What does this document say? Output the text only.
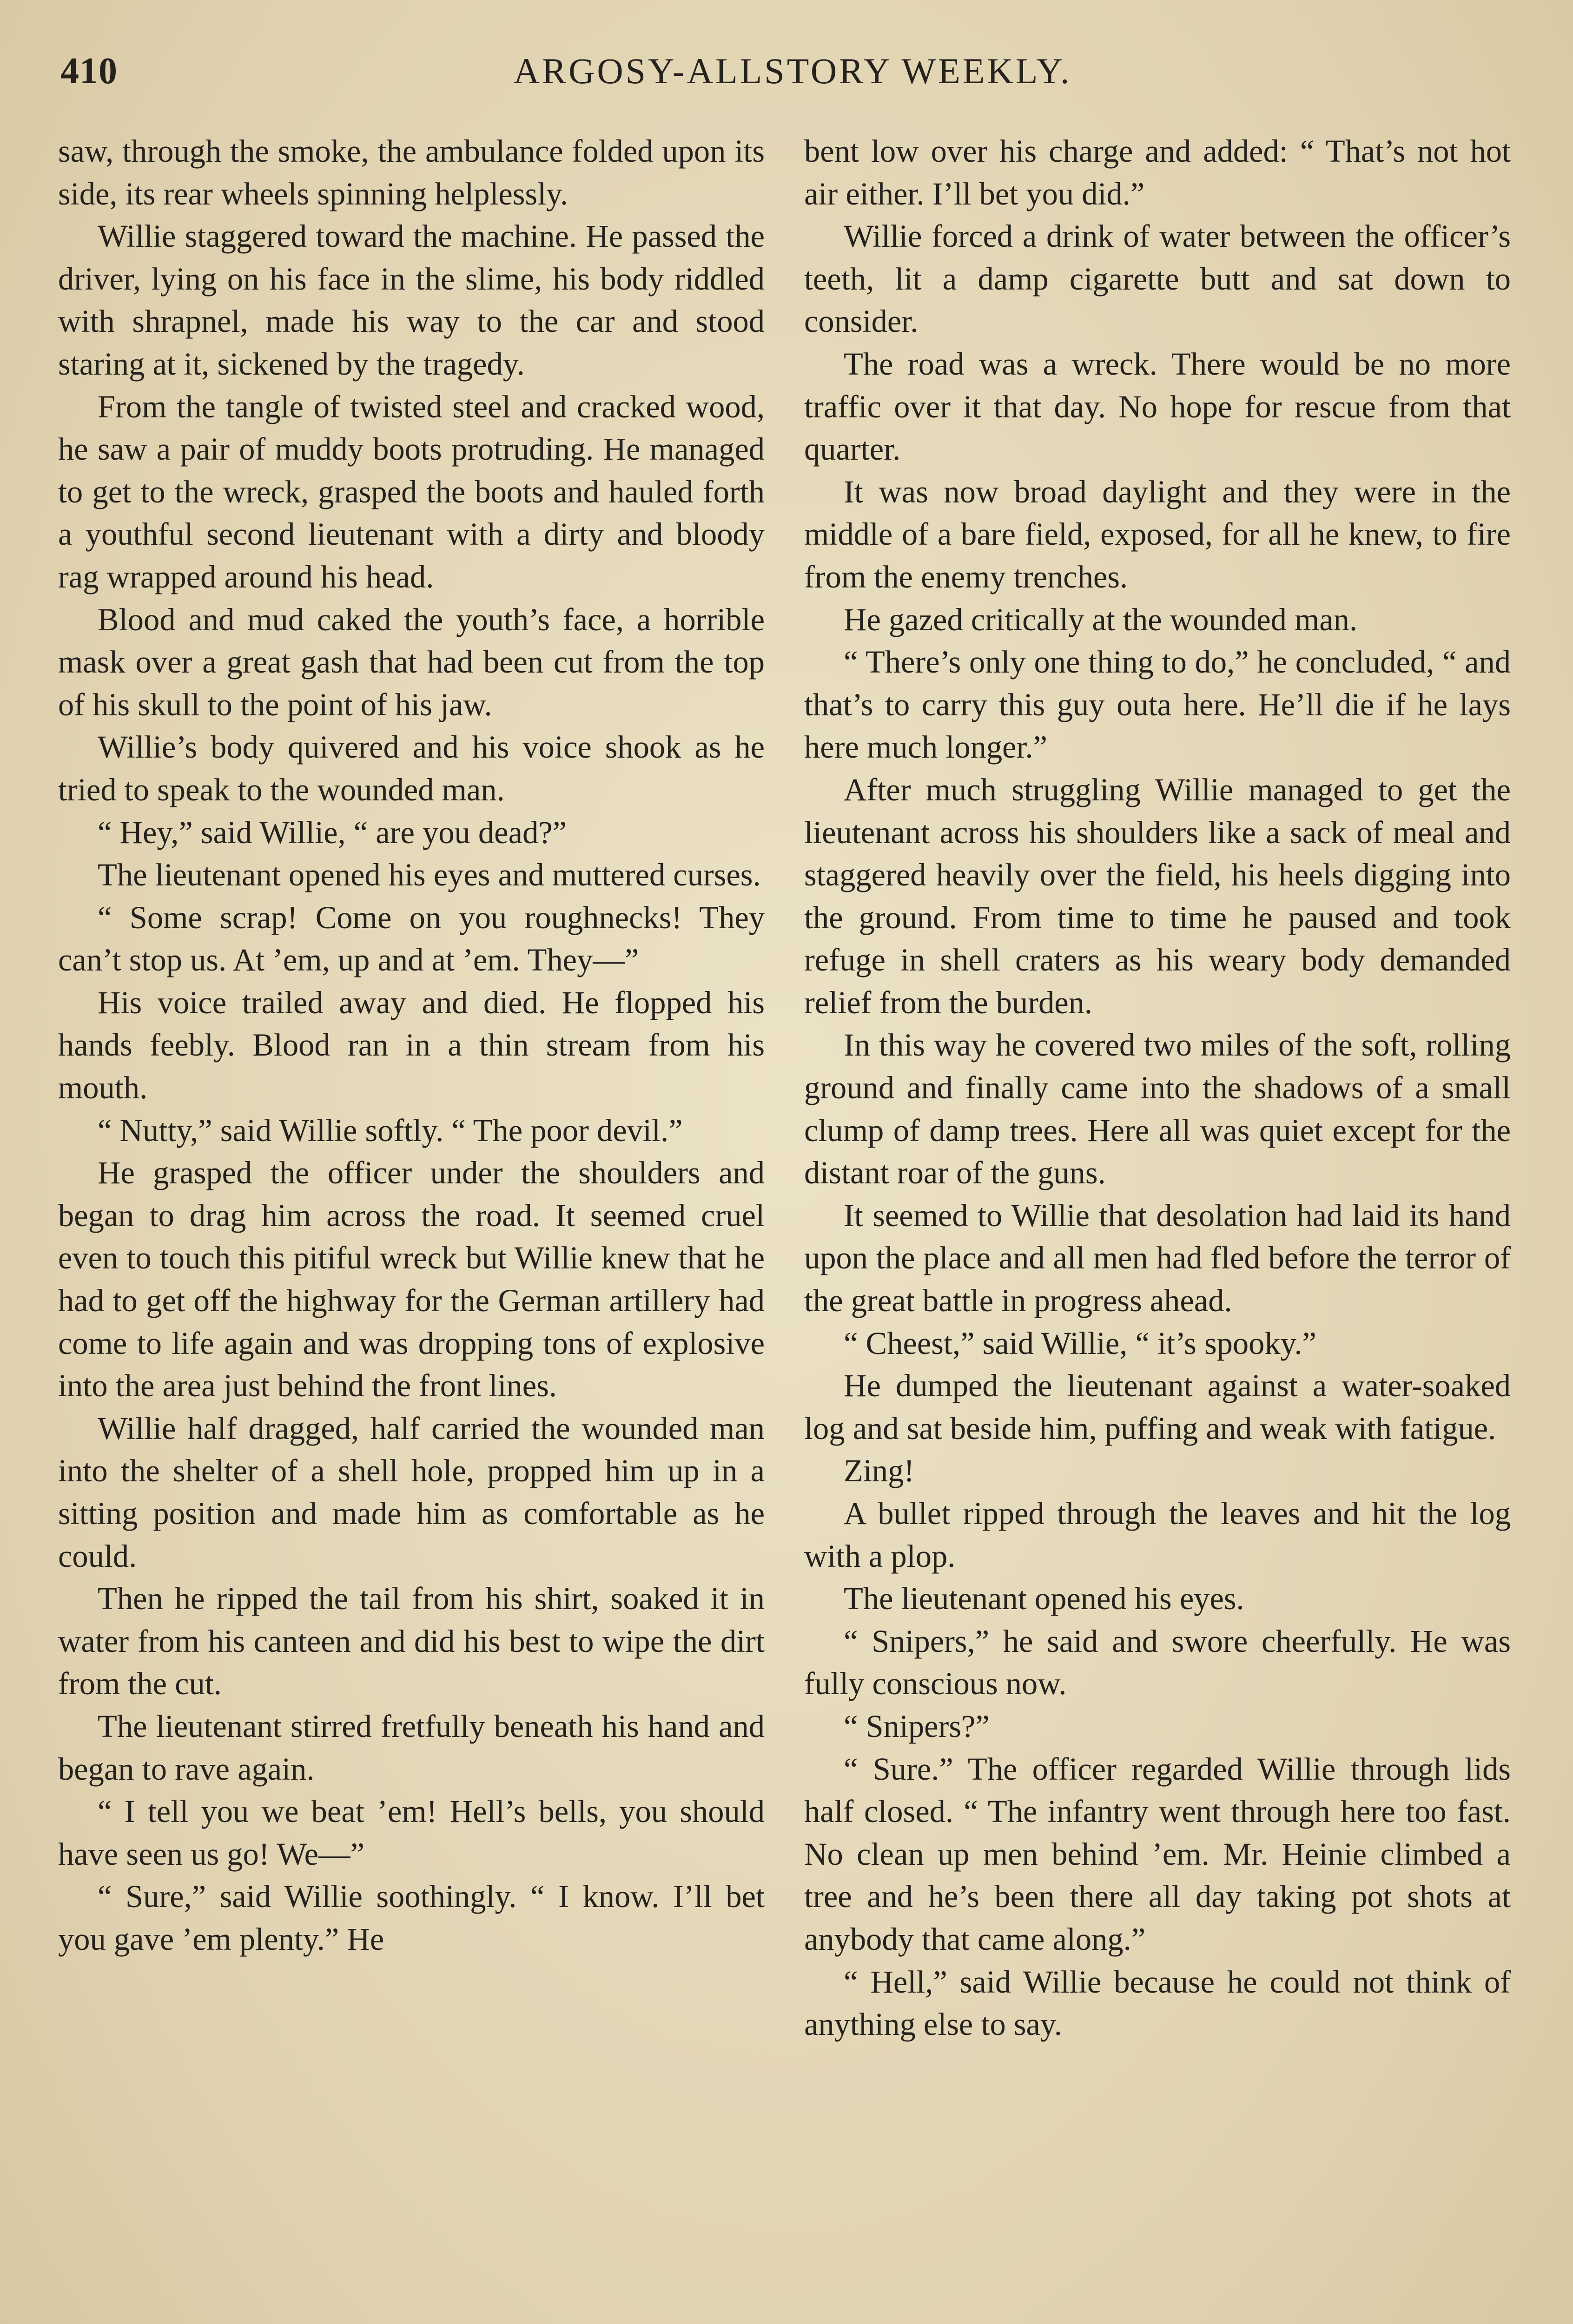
410	ARGOSY-ALLSTORY WEEKLY.

saw, through the smoke, the ambulance folded upon its side, its rear wheels spinning helplessly.

Willie staggered toward the machine. He passed the driver, lying on his face in the slime, his body riddled with shrapnel, made his way to the car and stood staring at it, sickened by the tragedy.

From the tangle of twisted steel and cracked wood, he saw a pair of muddy boots protruding. He managed to get to the wreck, grasped the boots and hauled forth a youthful second lieutenant with a dirty and bloody rag wrapped around his head.

Blood and mud caked the youth’s face, a horrible mask over a great gash that had been cut from the top of his skull to the point of his jaw.

Willie’s body quivered and his voice shook as he tried to speak to the wounded man.

“ Hey,” said Willie, “ are you dead?”

The lieutenant opened his eyes and muttered curses.

“ Some scrap! Come on you roughnecks! They can’t stop us. At ’em, up and at ’em. They—”

His voice trailed away and died. He flopped his hands feebly. Blood ran in a thin stream from his mouth.

“ Nutty,” said Willie softly. “ The poor devil.”

He grasped the officer under the shoulders and began to drag him across the road. It seemed cruel even to touch this pitiful wreck but Willie knew that he had to get off the highway for the German artillery had come to life again and was dropping tons of explosive into the area just behind the front lines.

Willie half dragged, half carried the wounded man into the shelter of a shell hole, propped him up in a sitting position and made him as comfortable as he could.

Then he ripped the tail from his shirt, soaked it in water from his canteen and did his best to wipe the dirt from the cut.

The lieutenant stirred fretfully beneath his hand and began to rave again.

“ I tell you we beat ’em! Hell’s bells, you should have seen us go! We—”

“ Sure,” said Willie soothingly. “ I know. I’ll bet you gave ’em plenty.” He

bent low over his charge and added: “ That’s not hot air either. I’ll bet you did.”

Willie forced a drink of water between the officer’s teeth, lit a damp cigarette butt and sat down to consider.

The road was a wreck. There would be no more traffic over it that day. No hope for rescue from that quarter.

It was now broad daylight and they were in the middle of a bare field, exposed, for all he knew, to fire from the enemy trenches.

He gazed critically at the wounded man.

“ There’s only one thing to do,” he concluded, “ and that’s to carry this guy outa here. He’ll die if he lays here much longer.”

After much struggling Willie managed to get the lieutenant across his shoulders like a sack of meal and staggered heavily over the field, his heels digging into the ground. From time to time he paused and took refuge in shell craters as his weary body demanded relief from the burden.

In this way he covered two miles of the soft, rolling ground and finally came into the shadows of a small clump of damp trees. Here all was quiet except for the distant roar of the guns.

It seemed to Willie that desolation had laid its hand upon the place and all men had fled before the terror of the great battle in progress ahead.

“ Cheest,” said Willie, “ it’s spooky.”

He dumped the lieutenant against a water-soaked log and sat beside him, puffing and weak with fatigue.

Zing!

A bullet ripped through the leaves and hit the log with a plop.

The lieutenant opened his eyes.

“ Snipers,” he said and swore cheerfully. He was fully conscious now.

“ Snipers?”

“ Sure.” The officer regarded Willie through lids half closed. “ The infantry went through here too fast. No clean up men behind ’em. Mr. Heinie climbed a tree and he’s been there all day taking pot shots at anybody that came along.”

“ Hell,” said Willie because he could not think of anything else to say.
